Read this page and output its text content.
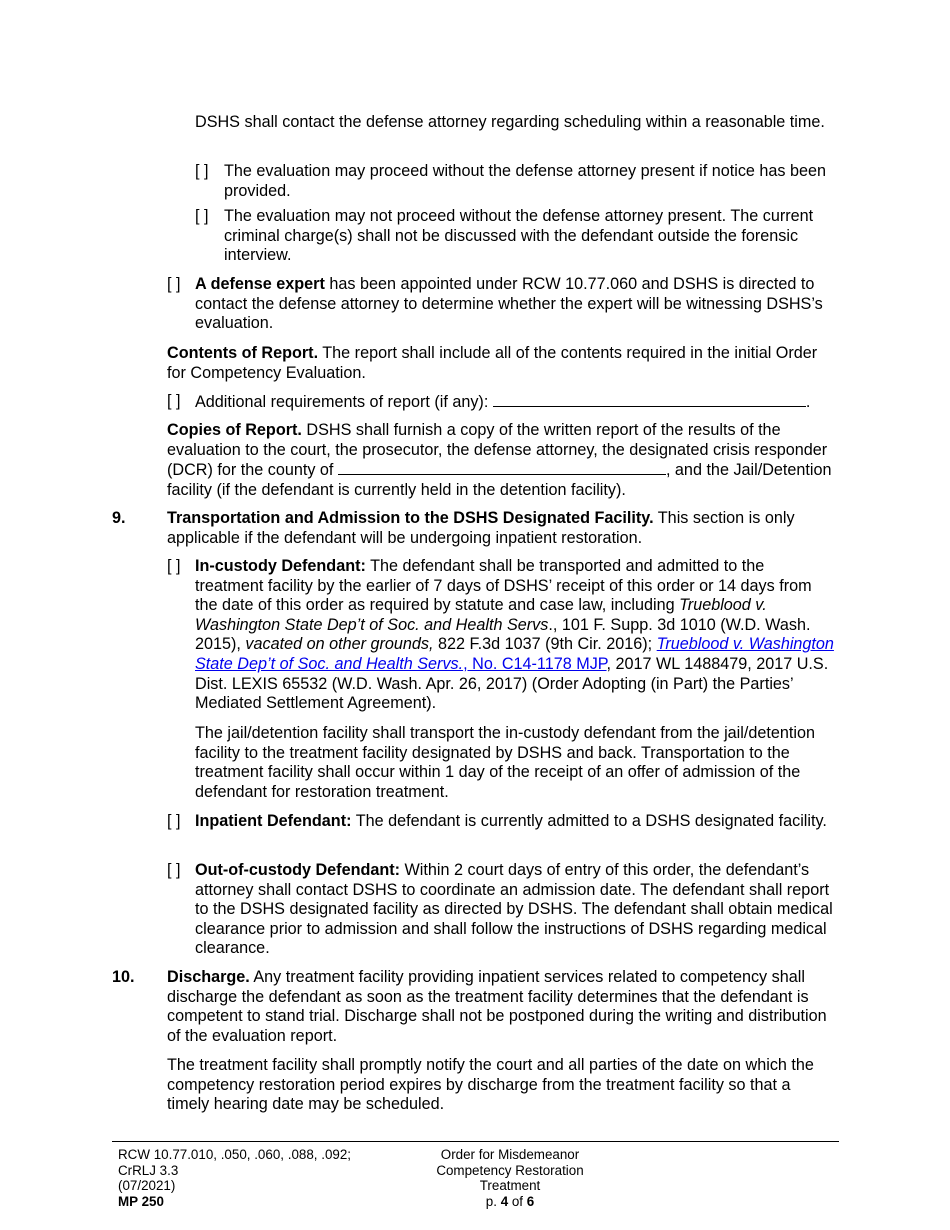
DSHS shall contact the defense attorney regarding scheduling within a reasonable time.

[ ] The evaluation may proceed without the defense attorney present if notice has been provided.

[ ] The evaluation may not proceed without the defense attorney present. The current criminal charge(s) shall not be discussed with the defendant outside the forensic interview.

[ ] A defense expert has been appointed under RCW 10.77.060 and DSHS is directed to contact the defense attorney to determine whether the expert will be witnessing DSHS’s evaluation.

Contents of Report. The report shall include all of the contents required in the initial Order for Competency Evaluation.

[ ] Additional requirements of report (if any):	.

Copies of Report. DSHS shall furnish a copy of the written report of the results of the evaluation to the court, the prosecutor, the defense attorney, the designated crisis responder (DCR) for the county of	, and the Jail/Detention facility (if the defendant is currently held in the detention facility).

9.	Transportation and Admission to the DSHS Designated Facility. This section is only applicable if the defendant will be undergoing inpatient restoration.

[ ] In-custody Defendant: The defendant shall be transported and admitted to the treatment facility by the earlier of 7 days of DSHS’ receipt of this order or 14 days from the date of this order as required by statute and case law, including Trueblood v. Washington State Dep’t of Soc. and Health Servs., 101 F. Supp. 3d 1010 (W.D. Wash. 2015), vacated on other grounds, 822 F.3d 1037 (9th Cir. 2016); Trueblood v. Washington State Dep’t of Soc. and Health Servs., No. C14-1178 MJP, 2017 WL 1488479, 2017 U.S. Dist. LEXIS 65532 (W.D. Wash. Apr. 26, 2017) (Order Adopting (in Part) the Parties’ Mediated Settlement Agreement).

The jail/detention facility shall transport the in-custody defendant from the jail/detention facility to the treatment facility designated by DSHS and back. Transportation to the treatment facility shall occur within 1 day of the receipt of an offer of admission of the defendant for restoration treatment.

[ ] Inpatient Defendant: The defendant is currently admitted to a DSHS designated facility.

[ ] Out-of-custody Defendant: Within 2 court days of entry of this order, the defendant’s attorney shall contact DSHS to coordinate an admission date. The defendant shall report to the DSHS designated facility as directed by DSHS. The defendant shall obtain medical clearance prior to admission and shall follow the instructions of DSHS regarding medical clearance.

10. Discharge. Any treatment facility providing inpatient services related to competency shall discharge the defendant as soon as the treatment facility determines that the defendant is competent to stand trial. Discharge shall not be postponed during the writing and distribution of the evaluation report.

The treatment facility shall promptly notify the court and all parties of the date on which the competency restoration period expires by discharge from the treatment facility so that a timely hearing date may be scheduled.

RCW 10.77.010, .050, .060, .088, .092;
CrRLJ 3.3
(07/2021)
MP 250
Order for Misdemeanor
Competency Restoration
Treatment
p. 4 of 6
